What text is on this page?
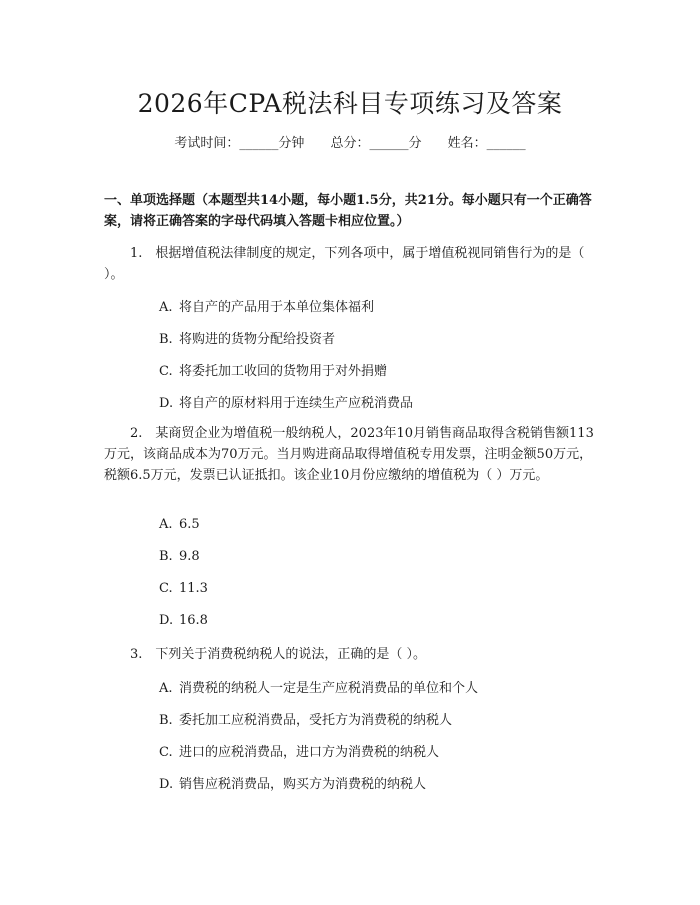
2026年CPA税法科目专项练习及答案
考试时间：______分钟 总分：______分 姓名：______
一、单项选择题（本题型共14小题，每小题1.5分，共21分。每小题只有一个正确答案，请将正确答案的字母代码填入答题卡相应位置。）
1.　根据增值税法律制度的规定，下列各项中，属于增值税视同销售行为的是（ ）。
A. 将自产的产品用于本单位集体福利
B. 将购进的货物分配给投资者
C. 将委托加工收回的货物用于对外捐赠
D. 将自产的原材料用于连续生产应税消费品
2.　某商贸企业为增值税一般纳税人，2023年10月销售商品取得含税销售额113万元，该商品成本为70万元。当月购进商品取得增值税专用发票，注明金额50万元，税额6.5万元，发票已认证抵扣。该企业10月份应缴纳的增值税为（ ）万元。
A. 6.5
B. 9.8
C. 11.3
D. 16.8
3.　下列关于消费税纳税人的说法，正确的是（ ）。
A. 消费税的纳税人一定是生产应税消费品的单位和个人
B. 委托加工应税消费品，受托方为消费税的纳税人
C. 进口的应税消费品，进口方为消费税的纳税人
D. 销售应税消费品，购买方为消费税的纳税人
